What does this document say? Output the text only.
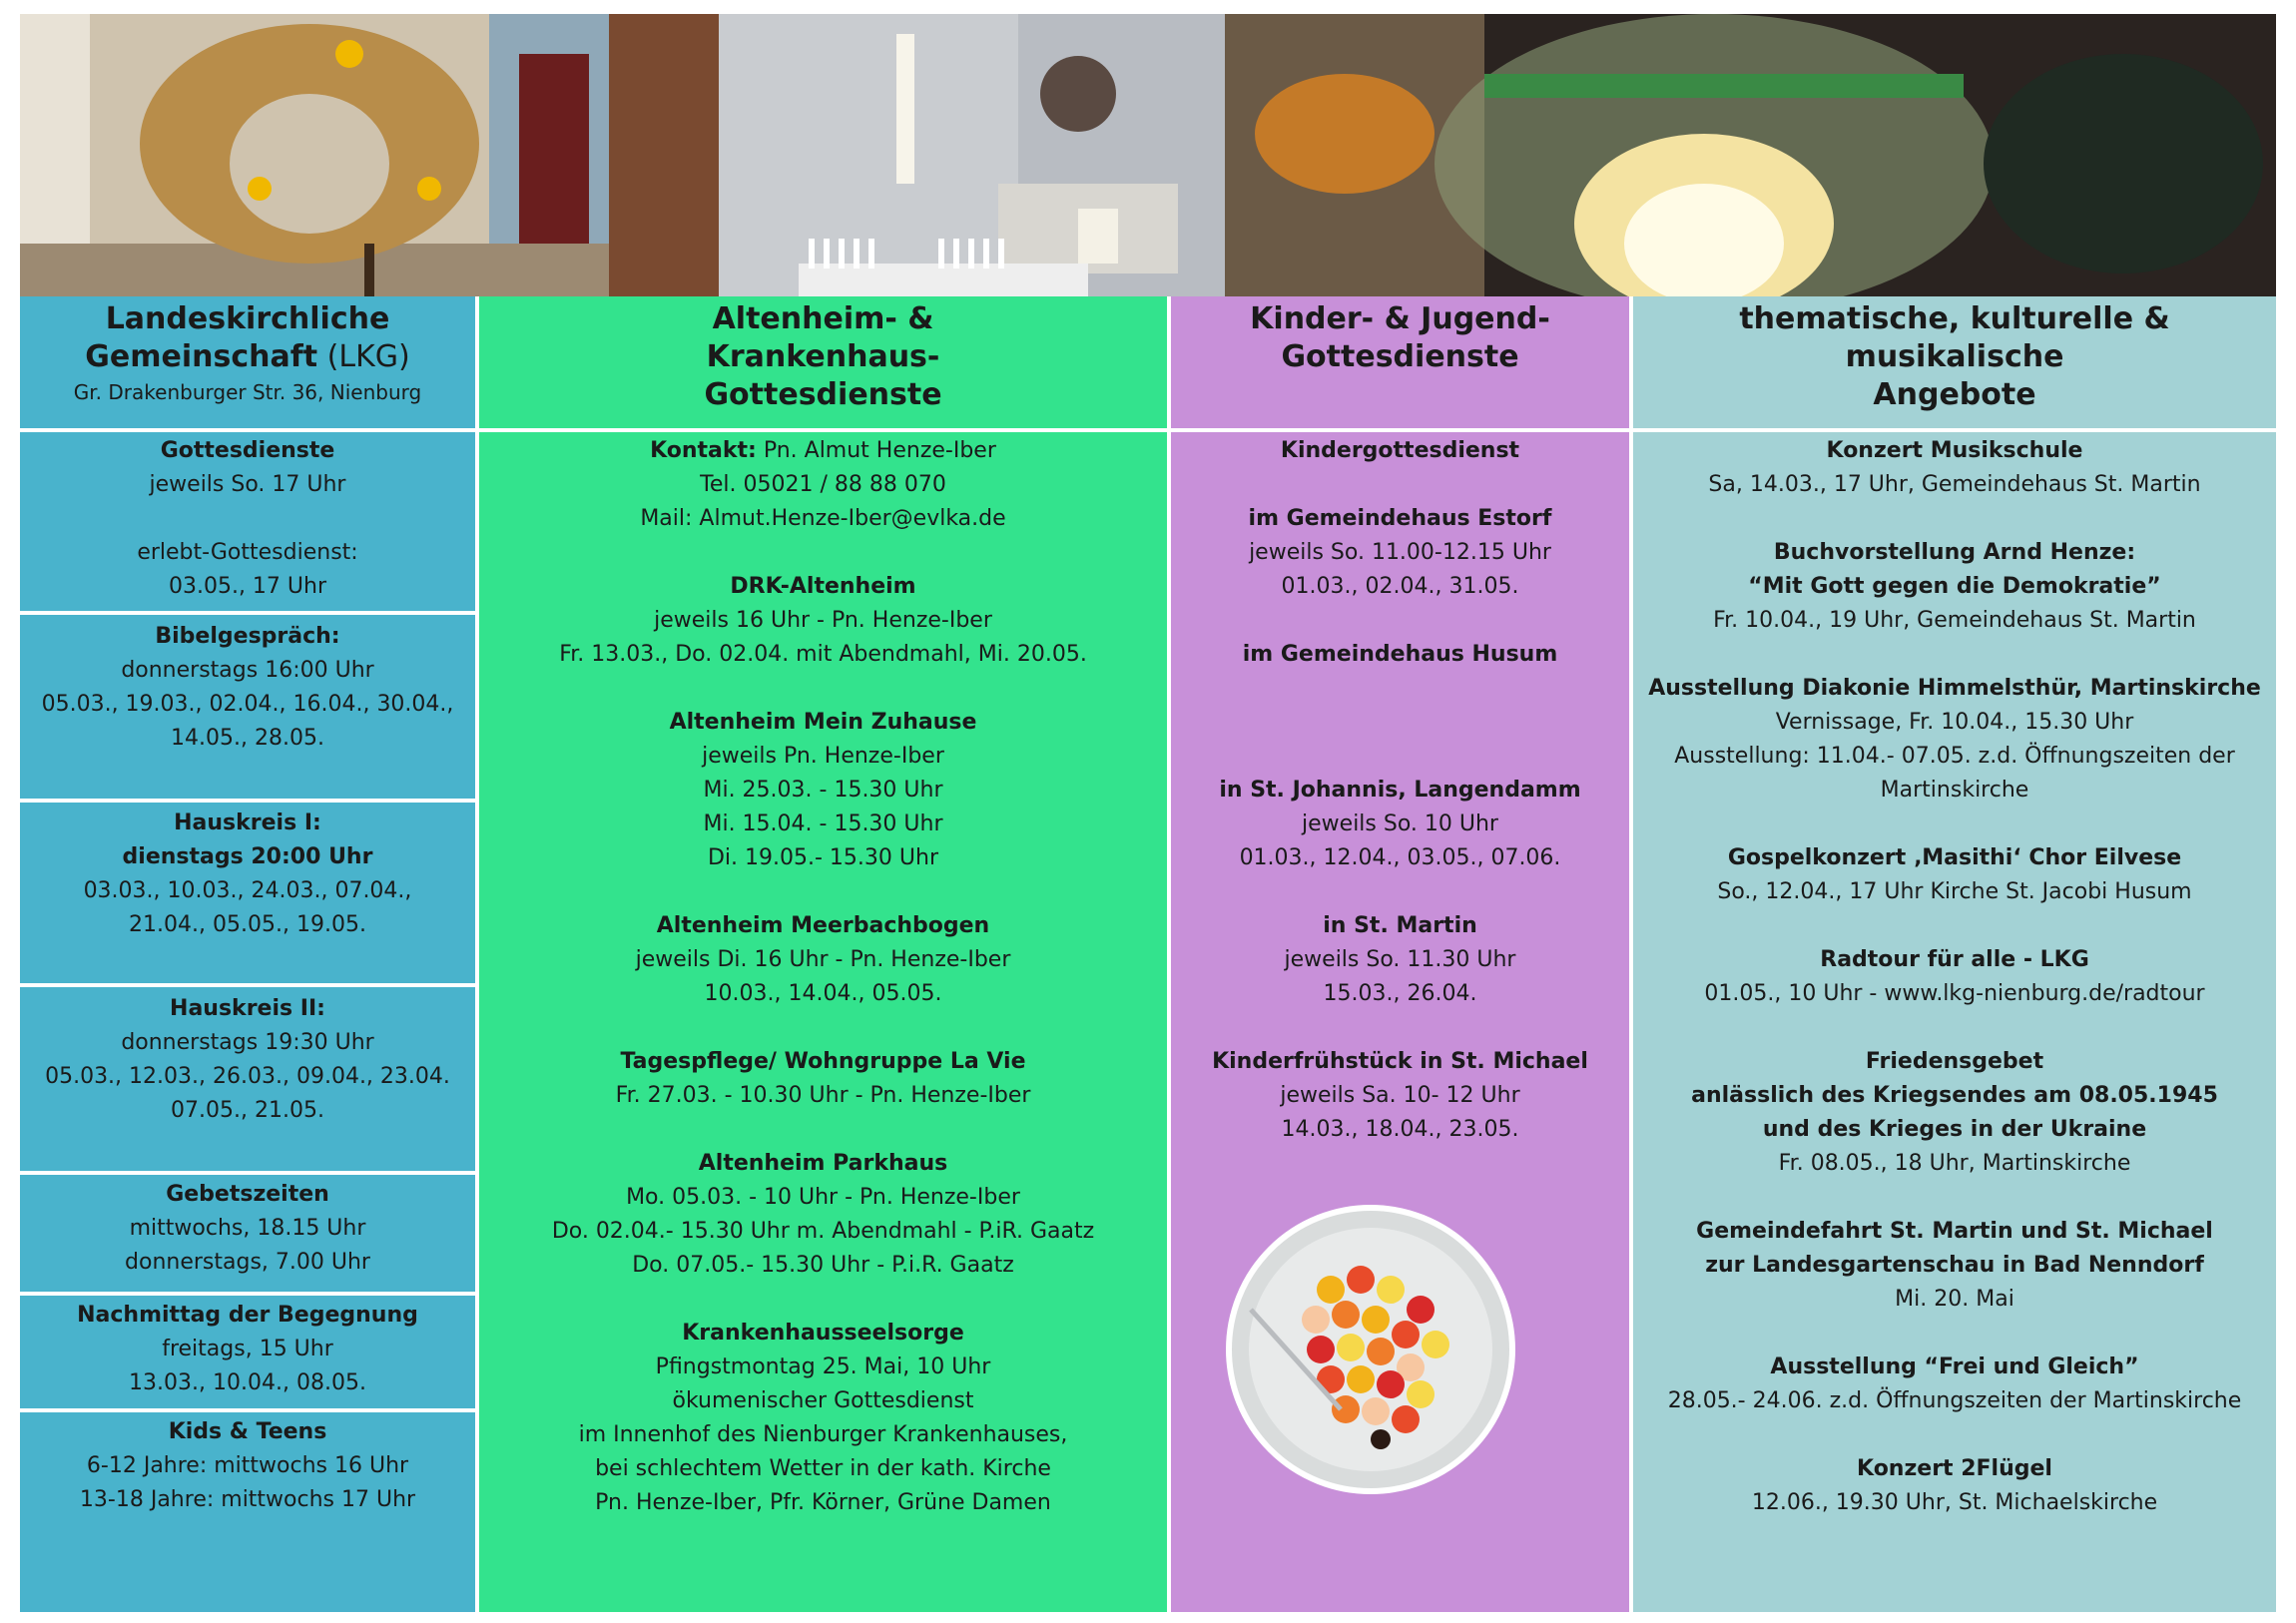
Landeskirchliche
Gemeinschaft (LKG)
Gr. Drakenburger Str. 36, Nienburg
Gottesdienste
jeweils So. 17 Uhr
erlebt-Gottesdienst:
03.05., 17 Uhr
Bibelgespräch:
donnerstags 16:00 Uhr
05.03., 19.03., 02.04., 16.04., 30.04.,
14.05., 28.05.
Hauskreis I:
dienstags 20:00 Uhr
03.03., 10.03., 24.03., 07.04.,
21.04., 05.05., 19.05.
Hauskreis II:
donnerstags 19:30 Uhr
05.03., 12.03., 26.03., 09.04., 23.04.
07.05., 21.05.
Gebetszeiten
mittwochs, 18.15 Uhr
donnerstags, 7.00 Uhr
Nachmittag der Begegnung
freitags, 15 Uhr
13.03., 10.04., 08.05.
Kids & Teens
6-12 Jahre: mittwochs 16 Uhr
13-18 Jahre: mittwochs 17 Uhr
Altenheim- &
Krankenhaus-
Gottesdienste
Kontakt: Pn. Almut Henze-Iber
Tel. 05021 / 88 88 070
Mail: Almut.Henze-Iber@evlka.de
DRK-Altenheim
jeweils 16 Uhr - Pn. Henze-Iber
Fr. 13.03., Do. 02.04. mit Abendmahl, Mi. 20.05.
Altenheim Mein Zuhause
jeweils Pn. Henze-Iber
Mi. 25.03. - 15.30 Uhr
Mi. 15.04. - 15.30 Uhr
Di. 19.05.- 15.30 Uhr
Altenheim Meerbachbogen
jeweils Di. 16 Uhr - Pn. Henze-Iber
10.03., 14.04., 05.05.
Tagespflege/ Wohngruppe La Vie
Fr. 27.03. - 10.30 Uhr - Pn. Henze-Iber
Altenheim Parkhaus
Mo. 05.03. - 10 Uhr - Pn. Henze-Iber
Do. 02.04.- 15.30 Uhr m. Abendmahl - P.iR. Gaatz
Do. 07.05.- 15.30 Uhr - P.i.R. Gaatz
Krankenhausseelsorge
Pfingstmontag 25. Mai, 10 Uhr
ökumenischer Gottesdienst
im Innenhof des Nienburger Krankenhauses,
bei schlechtem Wetter in der kath. Kirche
Pn. Henze-Iber, Pfr. Körner, Grüne Damen
Kinder- & Jugend-
Gottesdienste
Kindergottesdienst
im Gemeindehaus Estorf
jeweils So. 11.00-12.15 Uhr
01.03., 02.04., 31.05.
im Gemeindehaus Husum
in St. Johannis, Langendamm
jeweils So. 10 Uhr
01.03., 12.04., 03.05., 07.06.
in St. Martin
jeweils So. 11.30 Uhr
15.03., 26.04.
Kinderfrühstück in St. Michael
jeweils Sa. 10- 12 Uhr
14.03., 18.04., 23.05.
thematische, kulturelle & musikalische
Angebote
Konzert Musikschule
Sa, 14.03., 17 Uhr, Gemeindehaus St. Martin
Buchvorstellung Arnd Henze:
“Mit Gott gegen die Demokratie”
Fr. 10.04., 19 Uhr, Gemeindehaus St. Martin
Ausstellung Diakonie Himmelsthür, Martinskirche
Vernissage, Fr. 10.04., 15.30 Uhr
Ausstellung: 11.04.- 07.05. z.d. Öffnungszeiten der
Martinskirche
Gospelkonzert ‚Masithi‘ Chor Eilvese
So., 12.04., 17 Uhr Kirche St. Jacobi Husum
Radtour für alle - LKG
01.05., 10 Uhr - www.lkg-nienburg.de/radtour
Friedensgebet
anlässlich des Kriegsendes am 08.05.1945
und des Krieges in der Ukraine
Fr. 08.05., 18 Uhr, Martinskirche
Gemeindefahrt St. Martin und St. Michael
zur Landesgartenschau in Bad Nenndorf
Mi. 20. Mai
Ausstellung “Frei und Gleich”
28.05.- 24.06. z.d. Öffnungszeiten der Martinskirche
Konzert 2Flügel
12.06., 19.30 Uhr, St. Michaelskirche
